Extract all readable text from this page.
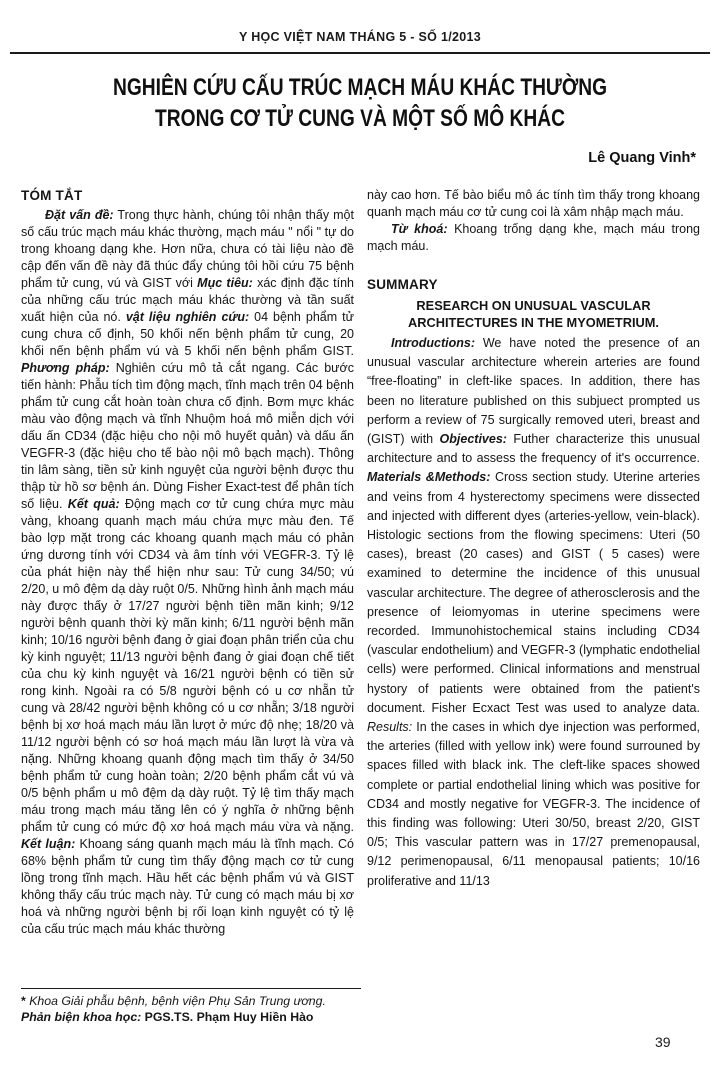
Y HỌC VIỆT NAM THÁNG 5 - SỐ 1/2013
NGHIÊN CỨU CẤU TRÚC MẠCH MÁU KHÁC THƯỜNG
TRONG CƠ TỬ CUNG VÀ MỘT SỐ MÔ KHÁC
Lê Quang Vinh*
TÓM TẮT
Đặt vấn đề: Trong thực hành, chúng tôi nhận thấy một số cấu trúc mạch máu khác thường, mạch máu " nổi " tự do trong khoang dạng khe. Hơn nữa, chưa có tài liệu nào đề cập đến vấn đề này đã thúc đẩy chúng tôi hồi cứu 75 bệnh phẩm tử cung, vú và GIST với Mục tiêu: xác định đặc tính của những cấu trúc mạch máu khác thường và tần suất xuất hiện của nó. vật liệu nghiên cứu: 04 bệnh phẩm tử cung chưa cố định, 50 khối nến bệnh phẩm tử cung, 20 khối nến bệnh phẩm vú và 5 khối nến bệnh phẩm GIST. Phương pháp: Nghiên cứu mô tả cắt ngang. Các bước tiến hành: Phẫu tích tìm động mạch, tĩnh mạch trên 04 bệnh phẩm tử cung cắt hoàn toàn chưa cố định. Bơm mực khác màu vào động mạch và tĩnh Nhuộm hoá mô miễn dịch với dấu ấn CD34 (đặc hiệu cho nội mô huyết quản) và dấu ấn VEGFR-3 (đặc hiệu cho tế bào nội mô bạch mạch). Thông tin lâm sàng, tiền sử kinh nguyệt của người bệnh được thu thập từ hồ sơ bệnh án. Dùng Fisher Exact-test để phân tích số liệu. Kết quả: Động mạch cơ tử cung chứa mực màu vàng, khoang quanh mạch máu chứa mực màu đen. Tế bào lợp mặt trong các khoang quanh mạch máu có phản ứng dương tính với CD34 và âm tính với VEGFR-3. Tỷ lệ của phát hiện này thể hiện như sau: Tử cung 34/50; vú 2/20, u mô đệm dạ dày ruột 0/5. Những hình ảnh mạch máu này được thấy ở 17/27 người bệnh tiền mãn kinh; 9/12 người bệnh quanh thời kỳ mãn kinh; 6/11 người bệnh mãn kinh; 10/16 người bệnh đang ở giai đoạn phân triển của chu kỳ kinh nguyệt; 11/13 người bệnh đang ở giai đoạn chế tiết của chu kỳ kinh nguyệt và 16/21 người bệnh có tiền sử rong kinh. Ngoài ra có 5/8 người bệnh có u cơ nhẵn tử cung và 28/42 người bệnh không có u cơ nhẵn; 3/18 người bệnh bị xơ hoá mạch máu lần lượt ở mức độ nhẹ; 18/20 và 11/12 người bệnh có sơ hoá mạch máu lần lượt là vừa và nặng. Những khoang quanh động mạch tìm thấy ở 34/50 bệnh phẩm tử cung hoàn toàn; 2/20 bệnh phẩm cắt vú và 0/5 bệnh phẩm u mô đệm dạ dày ruột. Tỷ lệ tìm thấy mạch máu trong mạch máu tăng lên có ý nghĩa ở những bệnh phẩm tử cung có mức độ xơ hoá mạch máu vừa và nặng. Kết luận: Khoang sáng quanh mạch máu là tĩnh mạch. Có 68% bệnh phẩm tử cung tìm thấy động mạch cơ tử cung lồng trong tĩnh mạch. Hầu hết các bệnh phẩm vú và GIST không thấy cấu trúc mạch này. Tử cung có mạch máu bị xơ hoá và những người bệnh bị rối loạn kinh nguyệt có tỷ lệ của cấu trúc mạch máu khác thường
* Khoa Giải phẫu bệnh, bệnh viện Phụ Sản Trung ương.
Phản biện khoa học: PGS.TS. Phạm Huy Hiền Hào
này cao hơn. Tế bào biểu mô ác tính tìm thấy trong khoang quanh mạch máu cơ tử cung coi là xâm nhập mạch máu.
Từ khoá: Khoang trống dạng khe, mạch máu trong mạch máu.
SUMMARY
RESEARCH ON UNUSUAL VASCULAR ARCHITECTURES IN THE MYOMETRIUM.
Introductions: We have noted the presence of an unusual vascular architecture wherein arteries are found “free-floating” in cleft-like spaces. In addition, there has been no literature published on this subjuect prompted us perform a review of 75 surgically removed uteri, breast and (GIST) with Objectives: Futher characterize this unusual architecture and to assess the frequency of it's occurrence. Materials &Methods: Cross section study. Uterine arteries and veins from 4 hysterectomy specimens were dissected and injected with different dyes (arteries-yellow, vein-black). Histologic sections from the flowing specimens: Uteri (50 cases), breast (20 cases) and GIST ( 5 cases) were examined to determine the incidence of this unusual vascular architecture. The degree of atherosclerosis and the presence of leiomyomas in uterine specimens were recorded. Immunohistochemical stains including CD34 (vascular endothelium) and VEGFR-3 (lymphatic endothelial cells) were performed. Clinical informations and menstrual hystory of patients were obtained from the patient's document. Fisher Ecxact Test was used to analyze data. Results: In the cases in which dye injection was performed, the arteries (filled with yellow ink) were found surrouned by spaces filled with black ink. The cleft-like spaces showed complete or partial endothelial lining which was positive for CD34 and mostly negative for VEGFR-3. The incidence of this finding was following: Uteri 30/50, breast 2/20, GIST 0/5; This vascular pattern was in 17/27 premenopausal, 9/12 perimenopausal, 6/11 menopausal patients; 10/16 proliferative and 11/13
39
